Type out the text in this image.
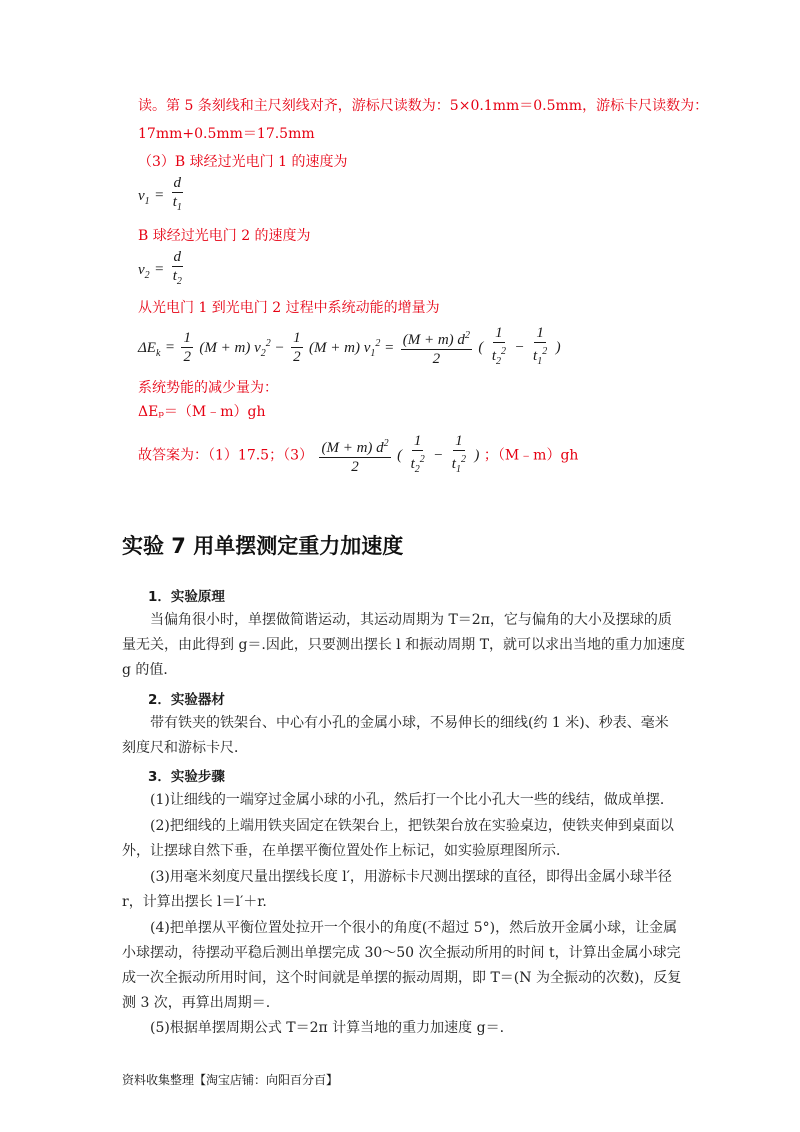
读。第 5 条刻线和主尺刻线对齐，游标尺读数为：5×0.1mm＝0.5mm，游标卡尺读数为：
17mm+0.5mm＝17.5mm
（3）B 球经过光电门 1 的速度为
$v_1 = \frac{d}{t_1}$
B 球经过光电门 2 的速度为
$v_2 = \frac{d}{t_2}$
从光电门 1 到光电门 2 过程中系统动能的增量为
$\Delta E_k = \frac{1}{2} (M + m) v_2^2 - \frac{1}{2} (M + m) v_1^2 = \frac{(M + m) d^2}{2}$ ( $\frac{1}{t_2^2} - \frac{1}{t_1^2}$ )
系统势能的减少量为：
ΔEₚ＝（M﹣m）gh
故答案为：（1）17.5；$(3) \frac{(M + m) d^2}{2}$ ( $\frac{1}{t_2^2} - \frac{1}{t_1^2}$ ) ；（M﹣m）gh
实验 7 用单摆测定重力加速度
1．实验原理
当偏角很小时，单摆做简谐运动，其运动周期为 T＝2π，它与偏角的大小及摆球的质
量无关，由此得到 g＝.因此，只要测出摆长 l 和振动周期 T，就可以求出当地的重力加速度
g 的值．
2．实验器材
带有铁夹的铁架台、中心有小孔的金属小球，不易伸长的细线(约 1 米)、秒表、毫米
刻度尺和游标卡尺．
3．实验步骤
(1)让细线的一端穿过金属小球的小孔，然后打一个比小孔大一些的线结，做成单摆．
(2)把细线的上端用铁夹固定在铁架台上，把铁架台放在实验桌边，使铁夹伸到桌面以
外，让摆球自然下垂，在单摆平衡位置处作上标记，如实验原理图所示．
(3)用毫米刻度尺量出摆线长度 l′，用游标卡尺测出摆球的直径，即得出金属小球半径
r，计算出摆长 l＝l′＋r.
(4)把单摆从平衡位置处拉开一个很小的角度(不超过 5°)，然后放开金属小球，让金属
小球摆动，待摆动平稳后测出单摆完成 30～50 次全振动所用的时间 t，计算出金属小球完
成一次全振动所用时间，这个时间就是单摆的振动周期，即 T＝(N 为全振动的次数)，反复
测 3 次，再算出周期＝.
(5)根据单摆周期公式 T＝2π 计算当地的重力加速度 g＝.
资料收集整理【淘宝店铺：向阳百分百】
